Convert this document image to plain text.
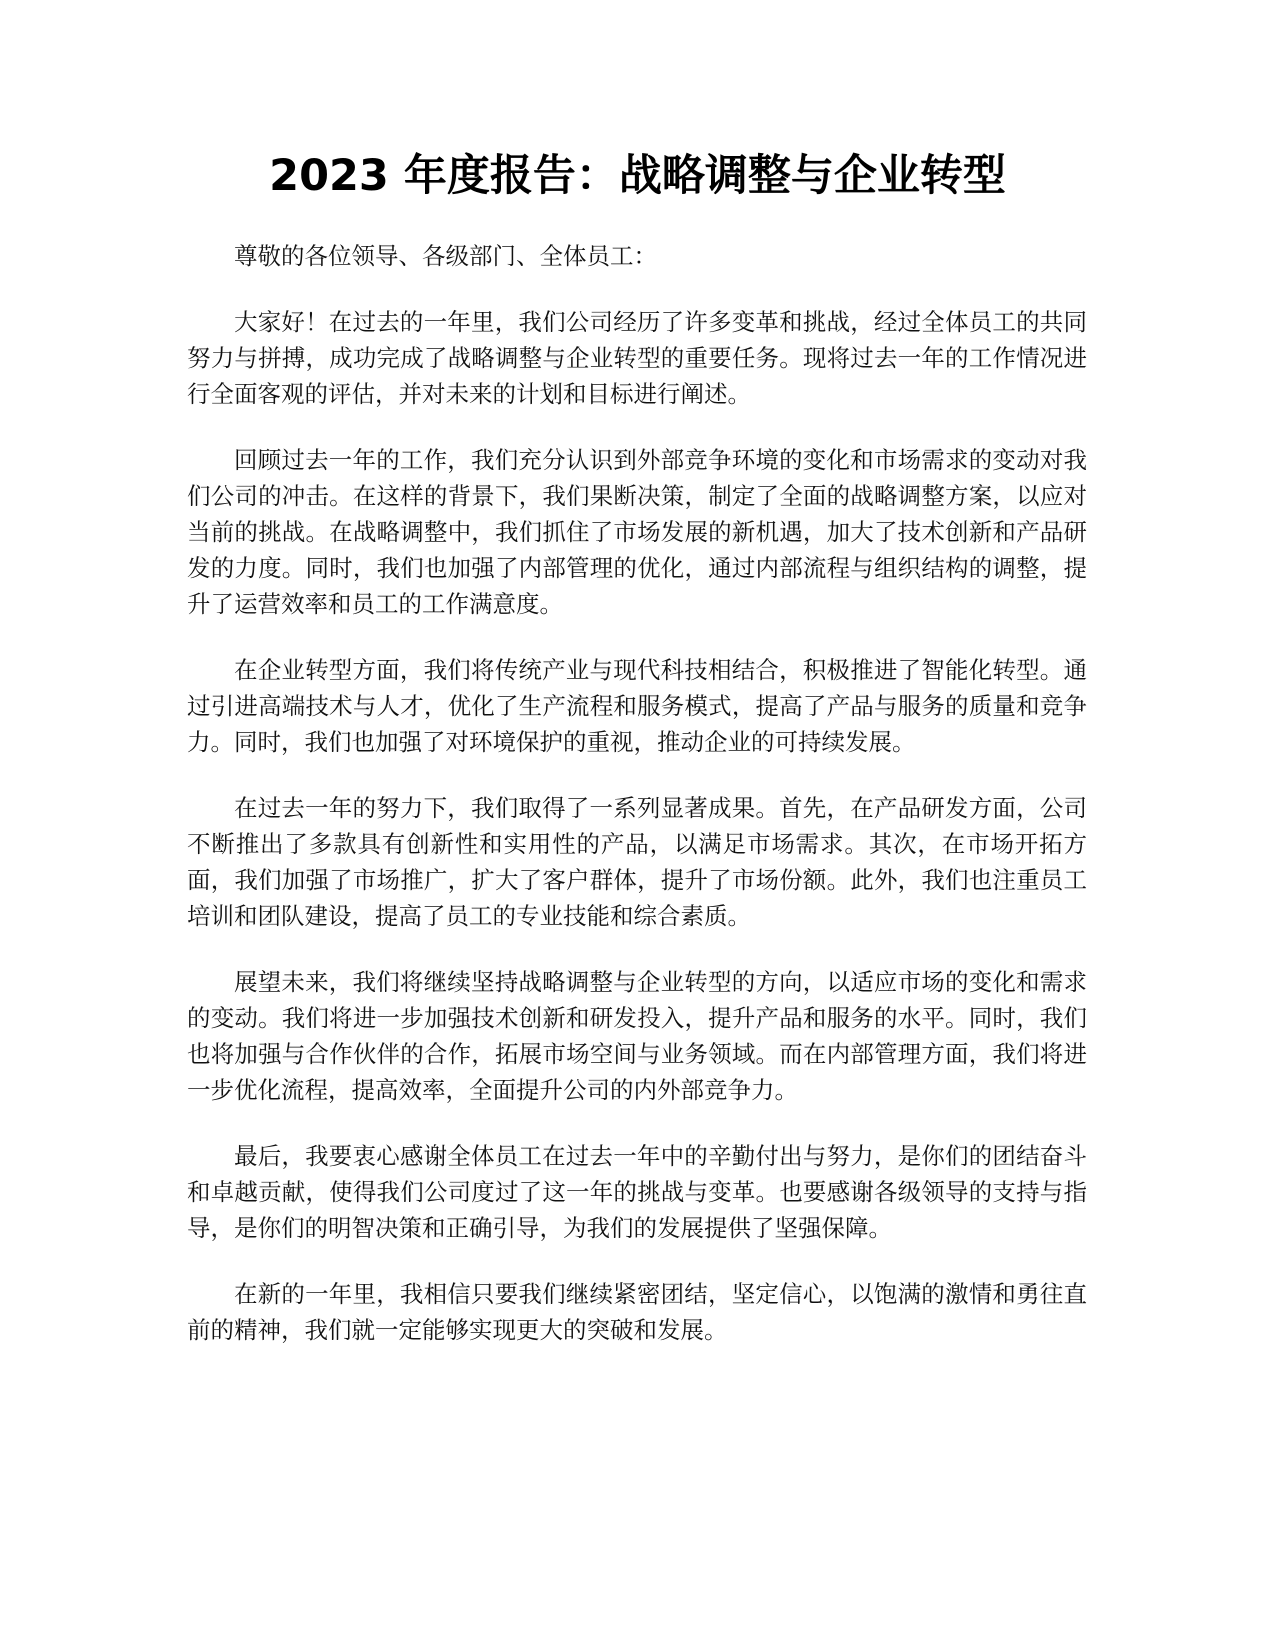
2023 年度报告：战略调整与企业转型

尊敬的各位领导、各级部门、全体员工：

大家好！在过去的一年里，我们公司经历了许多变革和挑战，经过全体员工的共同努力与拼搏，成功完成了战略调整与企业转型的重要任务。现将过去一年的工作情况进行全面客观的评估，并对未来的计划和目标进行阐述。

回顾过去一年的工作，我们充分认识到外部竞争环境的变化和市场需求的变动对我们公司的冲击。在这样的背景下，我们果断决策，制定了全面的战略调整方案，以应对当前的挑战。在战略调整中，我们抓住了市场发展的新机遇，加大了技术创新和产品研发的力度。同时，我们也加强了内部管理的优化，通过内部流程与组织结构的调整，提升了运营效率和员工的工作满意度。

在企业转型方面，我们将传统产业与现代科技相结合，积极推进了智能化转型。通过引进高端技术与人才，优化了生产流程和服务模式，提高了产品与服务的质量和竞争力。同时，我们也加强了对环境保护的重视，推动企业的可持续发展。

在过去一年的努力下，我们取得了一系列显著成果。首先，在产品研发方面，公司不断推出了多款具有创新性和实用性的产品，以满足市场需求。其次，在市场开拓方面，我们加强了市场推广，扩大了客户群体，提升了市场份额。此外，我们也注重员工培训和团队建设，提高了员工的专业技能和综合素质。

展望未来，我们将继续坚持战略调整与企业转型的方向，以适应市场的变化和需求的变动。我们将进一步加强技术创新和研发投入，提升产品和服务的水平。同时，我们也将加强与合作伙伴的合作，拓展市场空间与业务领域。而在内部管理方面，我们将进一步优化流程，提高效率，全面提升公司的内外部竞争力。

最后，我要衷心感谢全体员工在过去一年中的辛勤付出与努力，是你们的团结奋斗和卓越贡献，使得我们公司度过了这一年的挑战与变革。也要感谢各级领导的支持与指导，是你们的明智决策和正确引导，为我们的发展提供了坚强保障。

在新的一年里，我相信只要我们继续紧密团结，坚定信心，以饱满的激情和勇往直前的精神，我们就一定能够实现更大的突破和发展。
